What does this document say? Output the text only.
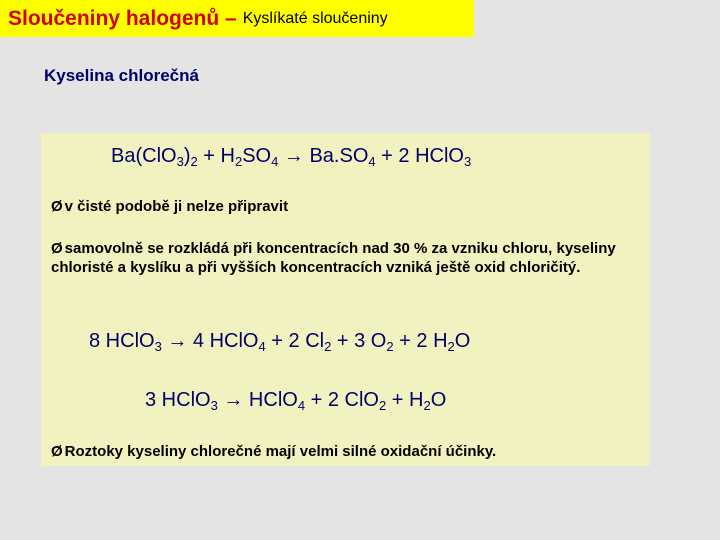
Sloučeniny halogenů – Kyslíkaté sloučeniny
Kyselina chlorečná
$Ba(ClO_3)_2 + H_2SO_4 \to Ba.SO_4 + 2$ HClO$_3$
Ø v čisté podobě ji nelze připravit
Ø samovolně se rozkládá při koncentracích nad 30 % za vzniku chloru, kyseliny chloristé a kyslíku a při vyšších koncentracích vzniká ještě oxid chloričitý.
8 HClO$_3$ → 4 HClO$_4$ + 2 $Cl_2 + 3$ $O_2 + 2$ $H_2O$
3 HClO$_3$ → HClO$_4$ + 2 $ClO_2 + H_2O$
Ø Roztoky kyseliny chlorečné mají velmi silné oxidační účinky.
